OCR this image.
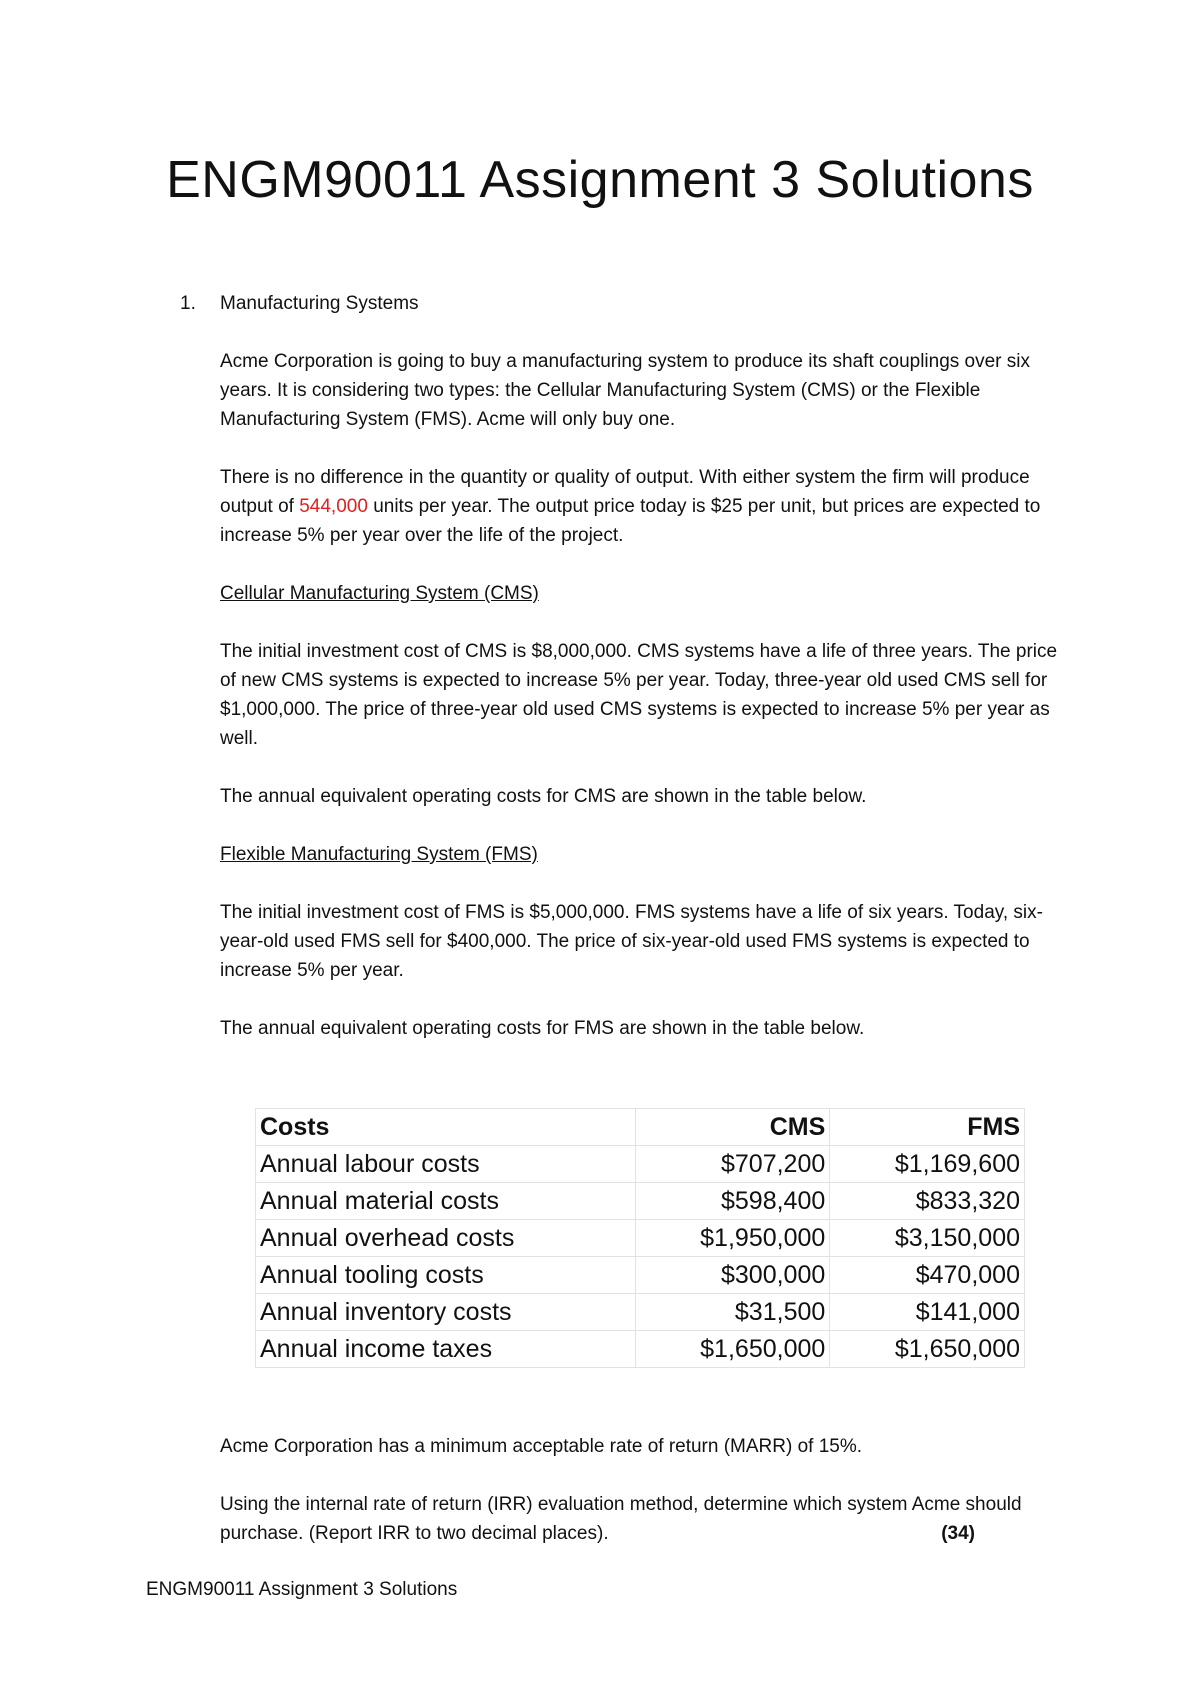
ENGM90011 Assignment 3 Solutions
1. Manufacturing Systems

Acme Corporation is going to buy a manufacturing system to produce its shaft couplings over six years. It is considering two types: the Cellular Manufacturing System (CMS) or the Flexible Manufacturing System (FMS). Acme will only buy one.

There is no difference in the quantity or quality of output. With either system the firm will produce output of 544,000 units per year. The output price today is $25 per unit, but prices are expected to increase 5% per year over the life of the project.

Cellular Manufacturing System (CMS)

The initial investment cost of CMS is $8,000,000. CMS systems have a life of three years. The price of new CMS systems is expected to increase 5% per year. Today, three-year old used CMS sell for $1,000,000. The price of three-year old used CMS systems is expected to increase 5% per year as well.

The annual equivalent operating costs for CMS are shown in the table below.

Flexible Manufacturing System (FMS)

The initial investment cost of FMS is $5,000,000. FMS systems have a life of six years. Today, six-year-old used FMS sell for $400,000. The price of six-year-old used FMS systems is expected to increase 5% per year.

The annual equivalent operating costs for FMS are shown in the table below.

Costs	CMS	FMS
Annual labour costs	$707,200	$1,169,600
Annual material costs	$598,400	$833,320
Annual overhead costs	$1,950,000	$3,150,000
Annual tooling costs	$300,000	$470,000
Annual inventory costs	$31,500	$141,000
Annual income taxes	$1,650,000	$1,650,000

Acme Corporation has a minimum acceptable rate of return (MARR) of 15%.

Using the internal rate of return (IRR) evaluation method, determine which system Acme should purchase. (Report IRR to two decimal places).	(34)

ENGM90011 Assignment 3 Solutions
